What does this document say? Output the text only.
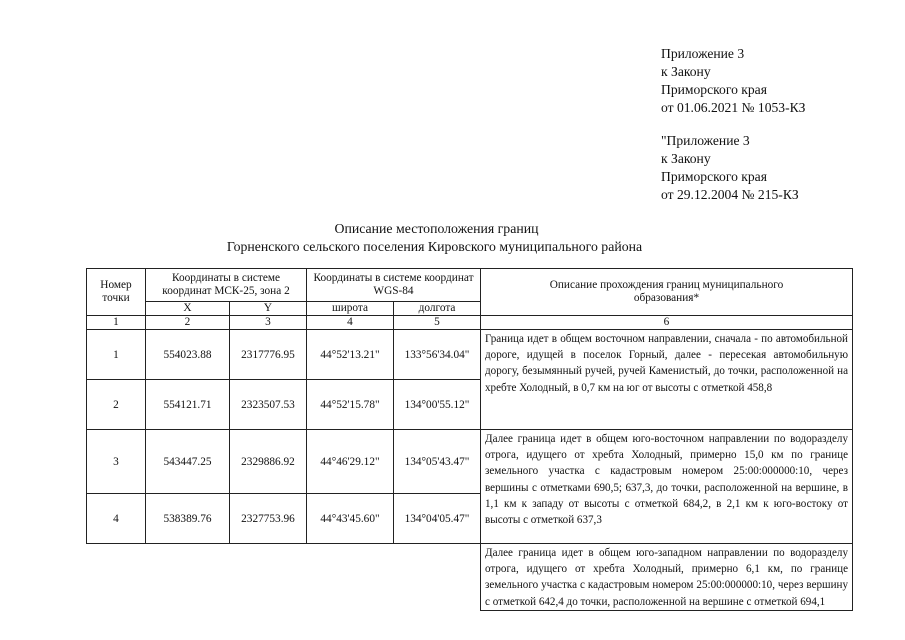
Приложение 3
к Закону
Приморского края
от 01.06.2021 № 1053-КЗ
"Приложение 3
к Закону
Приморского края
от 29.12.2004 № 215-КЗ
Описание местоположения границ
Горненского сельского поселения Кировского муниципального района
Номер точки	Координаты в системе координат МСК-25, зона 2		Координаты в системе координат WGS-84		Описание прохождения границ муниципального образования*
	X	Y	широта	долгота	
1	2	3	4	5	6
1	554023.88	2317776.95	44°52'13.21"	133°56'34.04"	Граница идет в общем восточном направлении, сначала - по автомобильной дороге, идущей в поселок Горный, далее - пересекая автомобильную дорогу, безымянный ручей, ручей Каменистый, до точки, расположенной на хребте Холодный, в 0,7 км на юг от высоты с отметкой 458,8
2	554121.71	2323507.53	44°52'15.78"	134°00'55.12"	
3	543447.25	2329886.92	44°46'29.12"	134°05'43.47"	Далее граница идет в общем юго-восточном направлении по водоразделу отрога, идущего от хребта Холодный, примерно 15,0 км по границе земельного участка с кадастровым номером 25:00:000000:10, через вершины с отметками 690,5; 637,3, до точки, расположенной на вершине, в 1,1 км к западу от высоты с отметкой 684,2, в 2,1 км к юго-востоку от высоты с отметкой 637,3
4	538389.76	2327753.96	44°43'45.60"	134°04'05.47"	
					Далее граница идет в общем юго-западном направлении по водоразделу отрога, идущего от хребта Холодный, примерно 6,1 км, по границе земельного участка с кадастровым номером 25:00:000000:10, через вершину с отметкой 642,4 до точки, расположенной на вершине с отметкой 694,1
